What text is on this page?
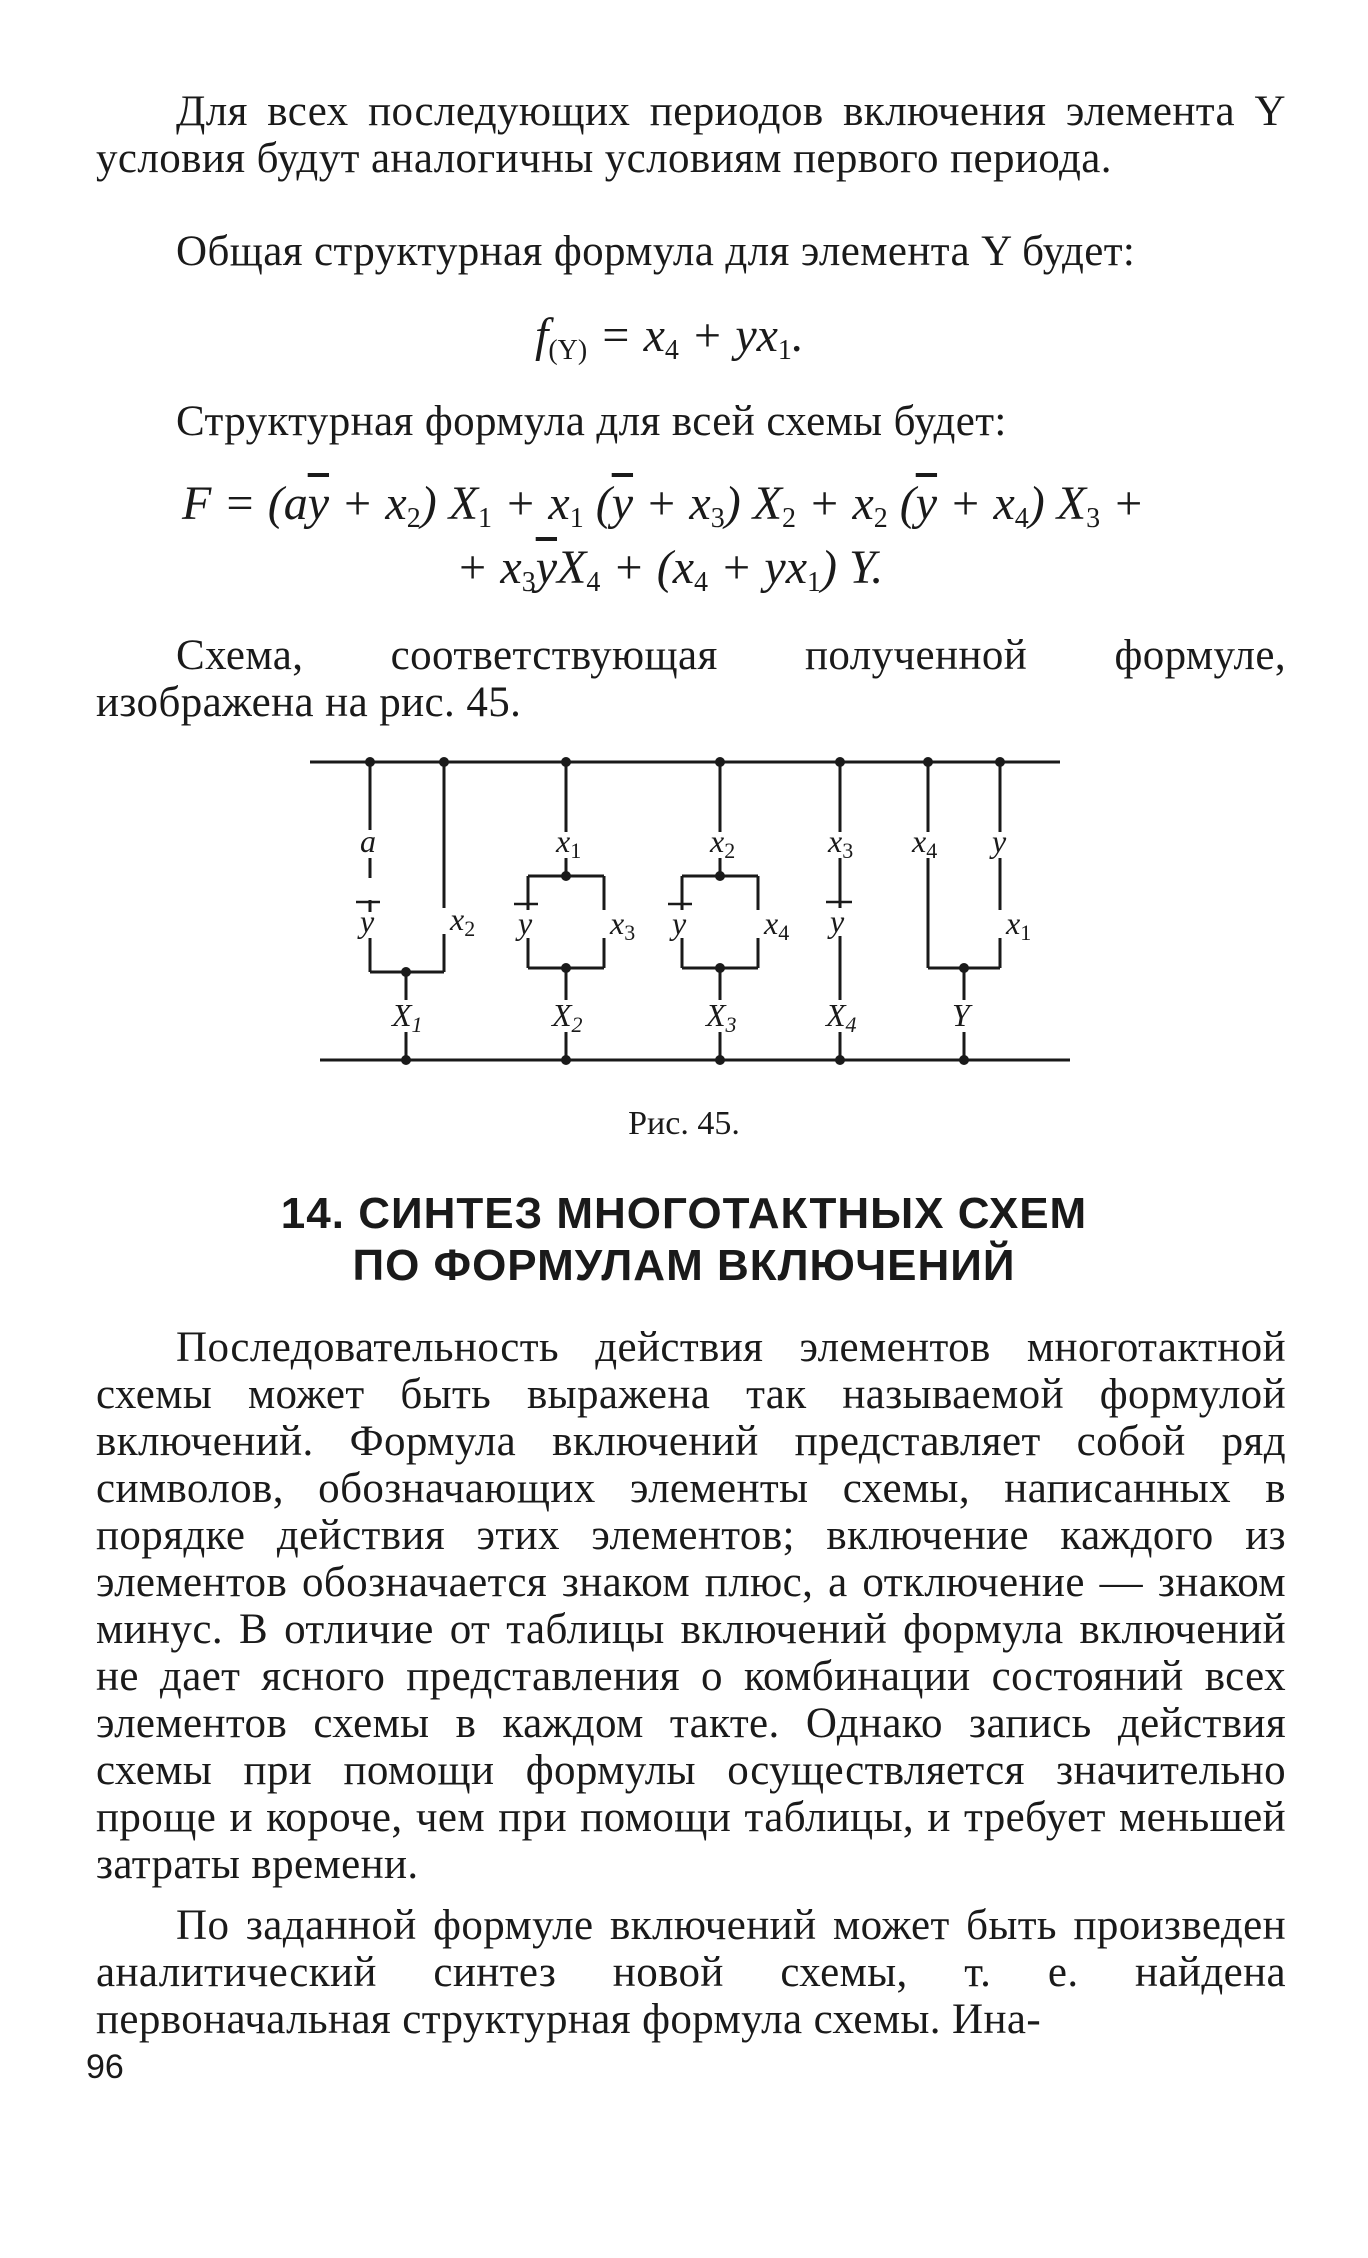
Для всех последующих периодов включения элемента Y условия будут аналогичны условиям первого периода.

Общая структурная формула для элемента Y будет:

$f_{(Y)} = x_4 + yx_1$.

Структурная формула для всей схемы будет:

$F = (a\overline{y} + x_2) X_1 + x_1$ $(\overline{y} + x_3) X_2 + x_2$ $(\overline{y} + x_4) X_3$ +
+ $x_3\overline{y}X_4 + (x_4 + yx_1)$ Y.

Схема, соответствующая полученной формуле, изображена на рис. 45.

a
y x2
x1
y x3
x2
y x4
x3
y
x4 y
x1
X1	X2	X3	X4	Y
Рис. 45.
14. СИНТЕЗ МНОГОТАКТНЫХ СХЕМ
ПО ФОРМУЛАМ ВКЛЮЧЕНИЙ

Последовательность действия элементов многотактной схемы может быть выражена так называемой формулой включений. Формула включений представляет собой ряд символов, обозначающих элементы схемы, написанных в порядке действия этих элементов; включение каждого из элементов обозначается знаком плюс, а отключение — знаком минус. В отличие от таблицы включений формула включений не дает ясного представления о комбинации состояний всех элементов схемы в каждом такте. Однако запись действия схемы при помощи формулы осуществляется значительно проще и короче, чем при помощи таблицы, и требует меньшей затраты времени.

По заданной формуле включений может быть произведен аналитический синтез новой схемы, т. е. найдена первоначальная структурная формула схемы. Ина-

96
